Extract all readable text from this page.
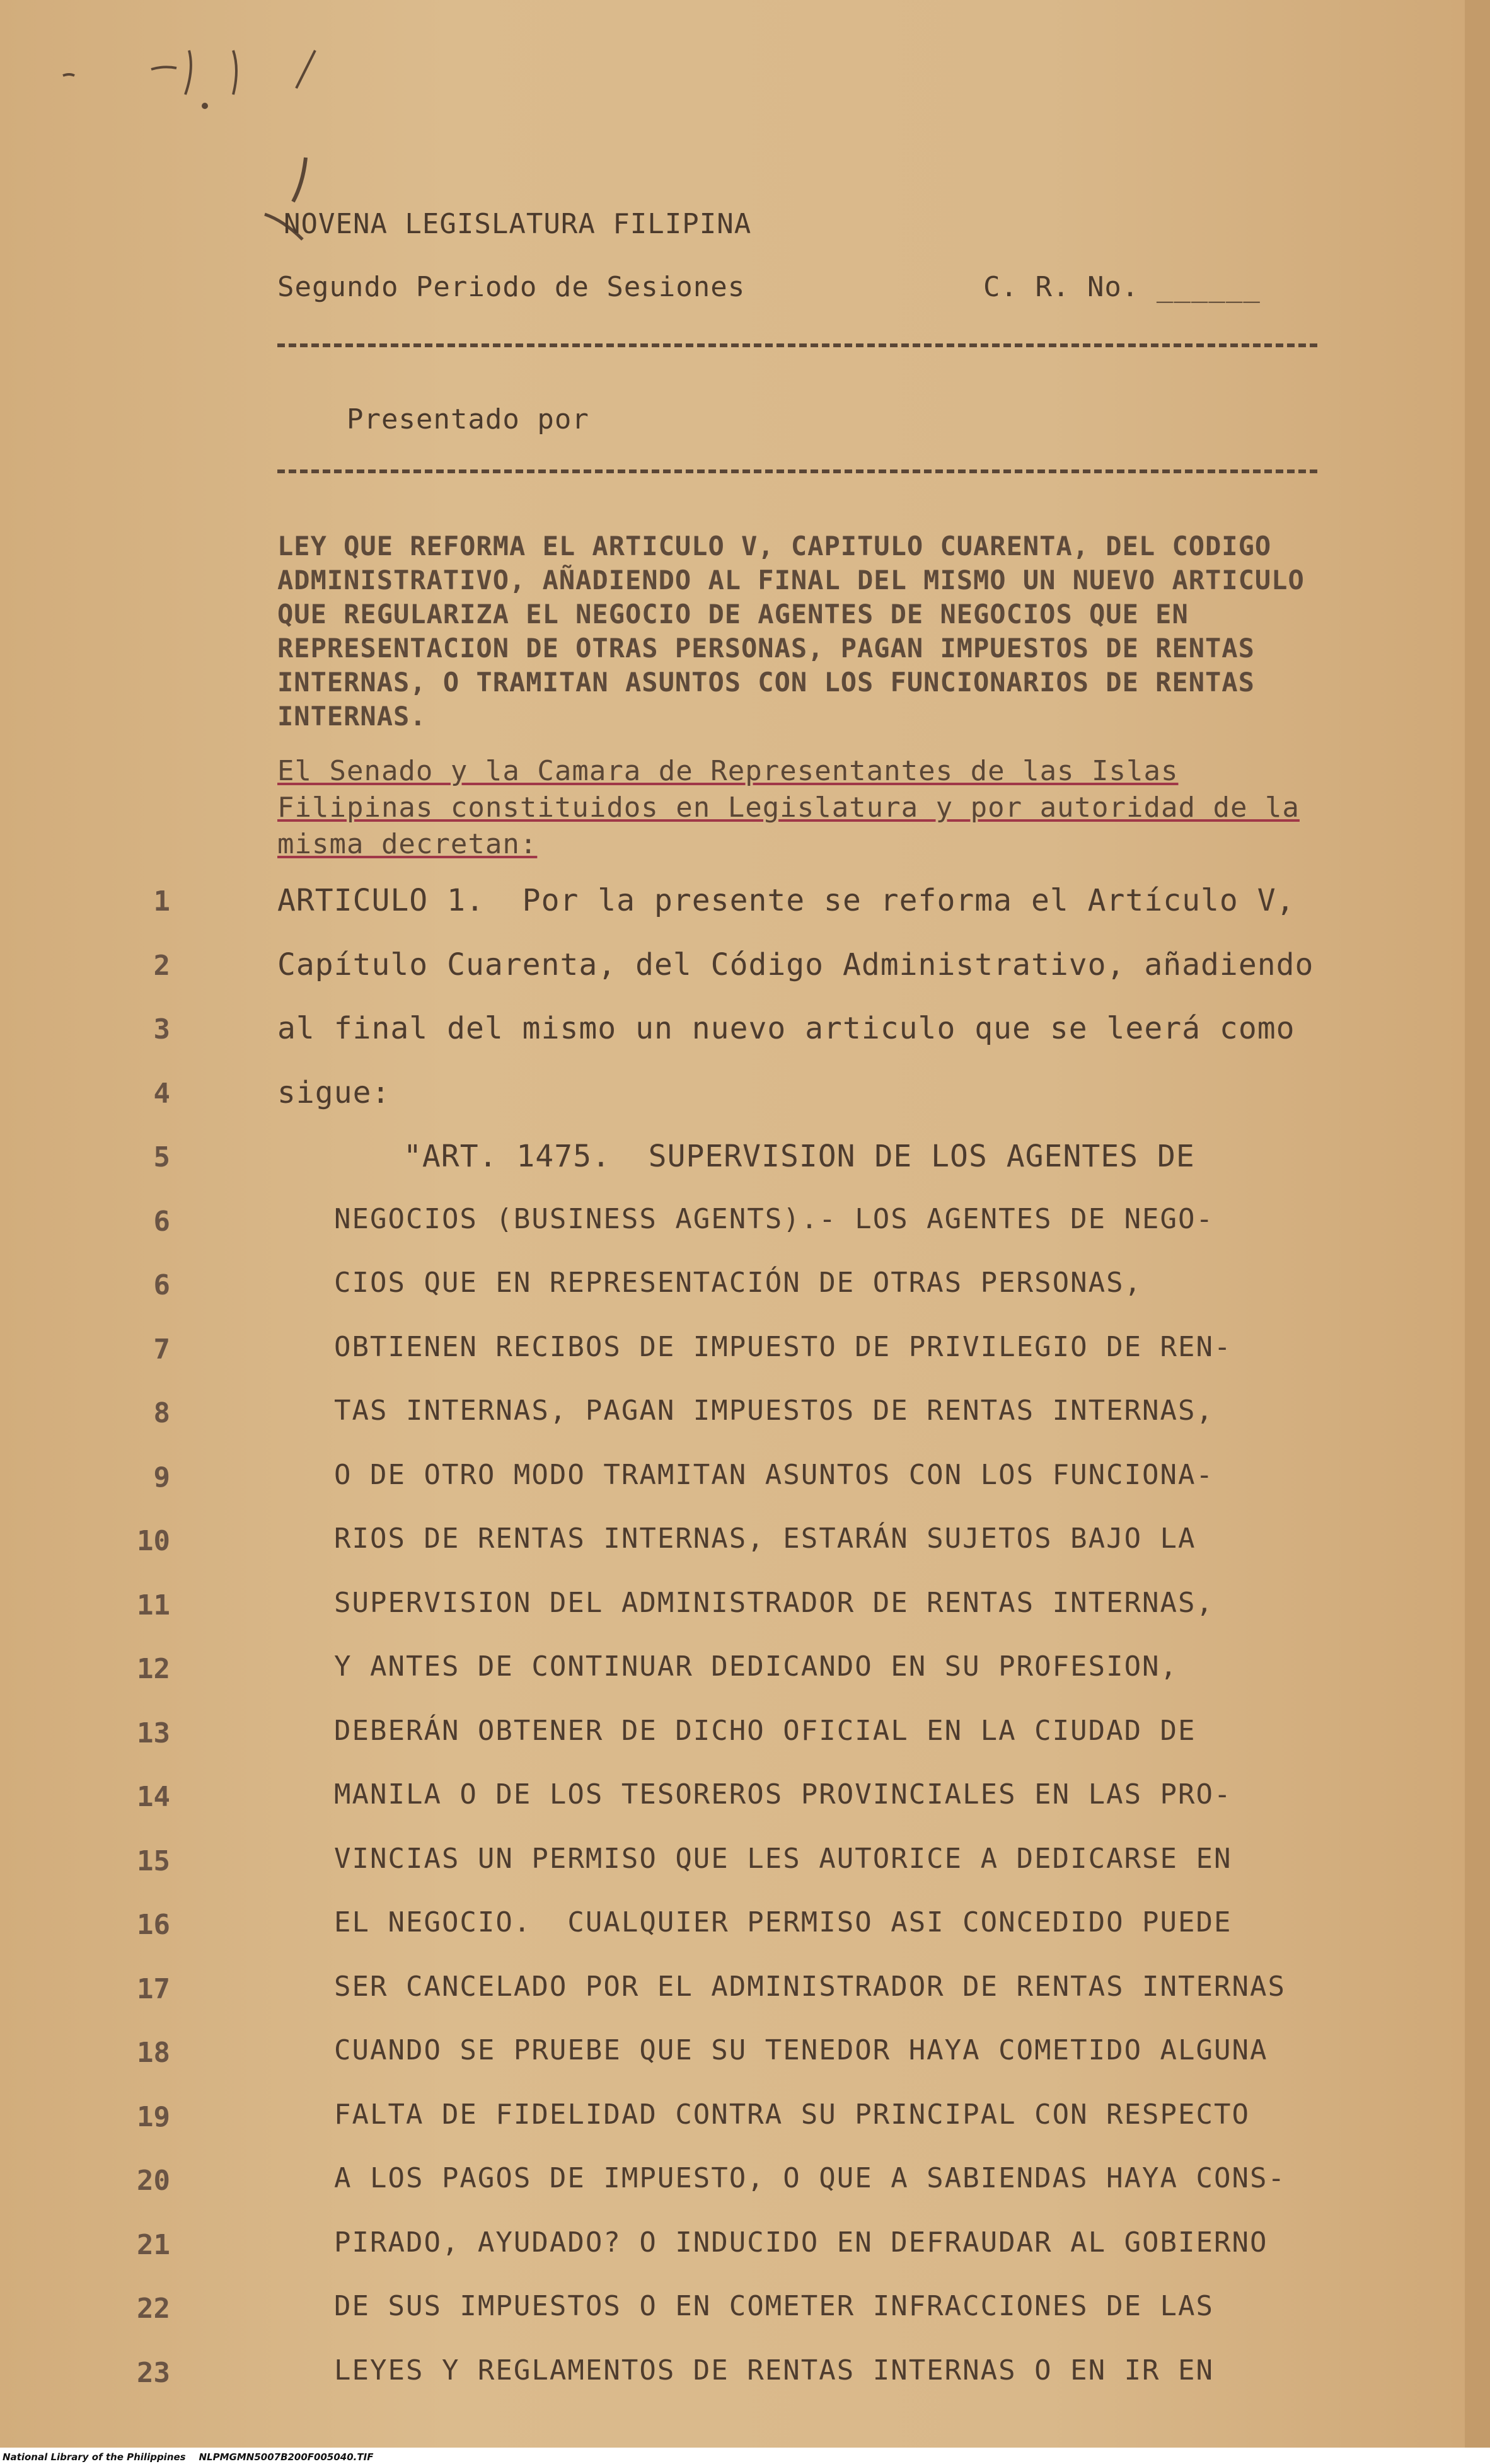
NOVENA LEGISLATURA FILIPINA
Segundo Periodo de Sesiones	C. R. No. ______
Presentado por
LEY QUE REFORMA EL ARTICULO V, CAPITULO CUARENTA, DEL CODIGO ADMINISTRATIVO, AÑADIENDO AL FINAL DEL MISMO UN NUEVO ARTICULO QUE REGULARIZA EL NEGOCIO DE AGENTES DE NEGOCIOS QUE EN REPRESENTACION DE OTRAS PERSONAS, PAGAN IMPUESTOS DE RENTAS INTERNAS, O TRAMITAN ASUNTOS CON LOS FUNCIONARIOS DE RENTAS INTERNAS.
El Senado y la Camara de Representantes de las Islas Filipinas constituidos en Legislatura y por autoridad de la misma decretan:
1	ARTICULO 1.  Por la presente se reforma el Artículo V,
2	Capítulo Cuarenta, del Código Administrativo, añadiendo
3	al final del mismo un nuevo articulo que se leerá como
4	sigue:
5	"ART. 1475.  SUPERVISION DE LOS AGENTES DE
6	NEGOCIOS (BUSINESS AGENTS).- LOS AGENTES DE NEGO-
6	CIOS QUE EN REPRESENTACIÓN DE OTRAS PERSONAS,
7	OBTIENEN RECIBOS DE IMPUESTO DE PRIVILEGIO DE REN-
8	TAS INTERNAS, PAGAN IMPUESTOS DE RENTAS INTERNAS,
9	O DE OTRO MODO TRAMITAN ASUNTOS CON LOS FUNCIONA-
10	RIOS DE RENTAS INTERNAS, ESTARÁN SUJETOS BAJO LA
11	SUPERVISION DEL ADMINISTRADOR DE RENTAS INTERNAS,
12	Y ANTES DE CONTINUAR DEDICANDO EN SU PROFESION,
13	DEBERÁN OBTENER DE DICHO OFICIAL EN LA CIUDAD DE
14	MANILA O DE LOS TESOREROS PROVINCIALES EN LAS PRO-
15	VINCIAS UN PERMISO QUE LES AUTORICE A DEDICARSE EN
16	EL NEGOCIO.  CUALQUIER PERMISO ASI CONCEDIDO PUEDE
17	SER CANCELADO POR EL ADMINISTRADOR DE RENTAS INTERNAS
18	CUANDO SE PRUEBE QUE SU TENEDOR HAYA COMETIDO ALGUNA
19	FALTA DE FIDELIDAD CONTRA SU PRINCIPAL CON RESPECTO
20	A LOS PAGOS DE IMPUESTO, O QUE A SABIENDAS HAYA CONS-
21	PIRADO, AYUDADO? O INDUCIDO EN DEFRAUDAR AL GOBIERNO
22	DE SUS IMPUESTOS O EN COMETER INFRACCIONES DE LAS
23	LEYES Y REGLAMENTOS DE RENTAS INTERNAS O EN IR EN
National Library of the Philippines    NLPMGMN5007B200F005040.TIF
